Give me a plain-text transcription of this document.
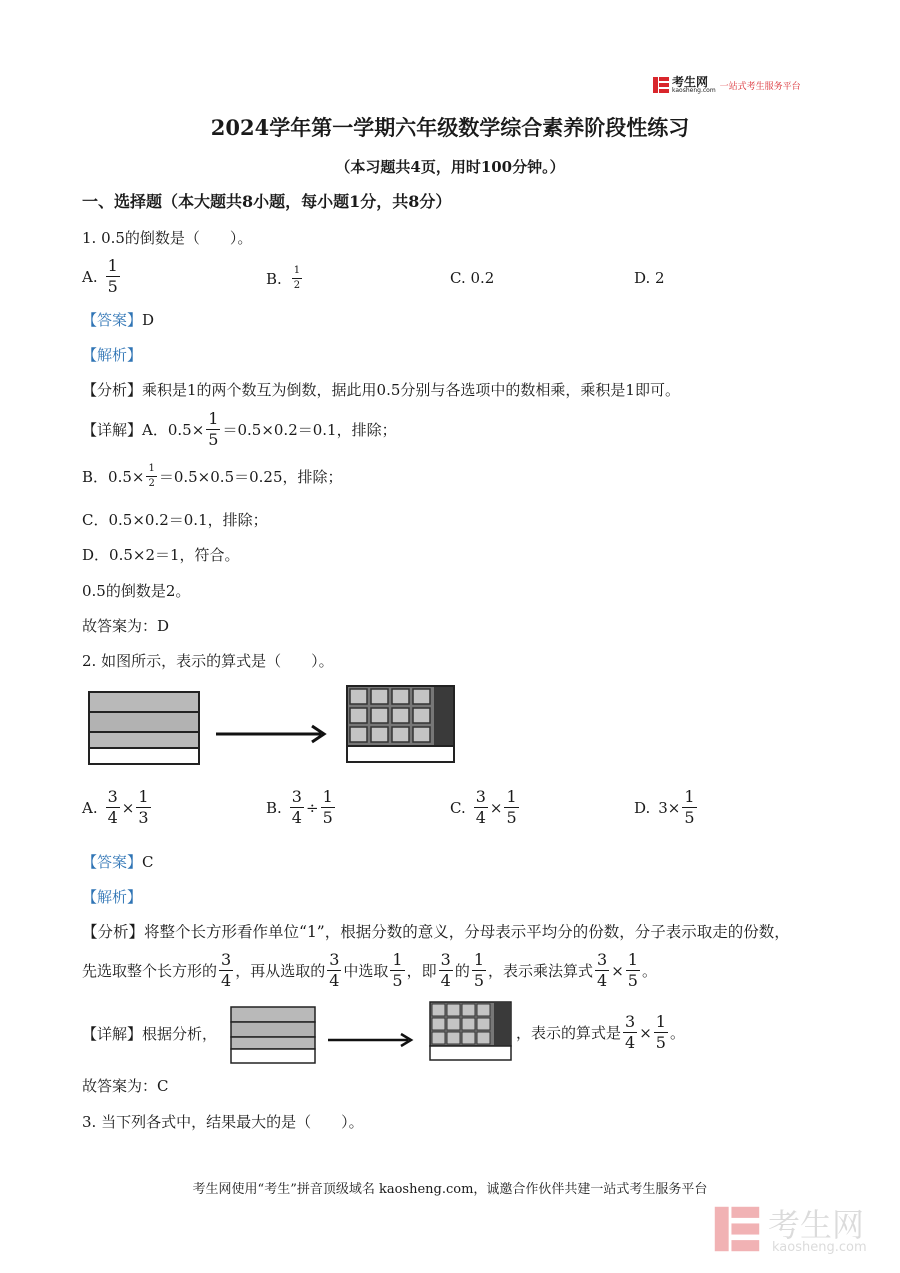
考生网
kaosheng.com 一站式考生服务平台
2024学年第一学期六年级数学综合素养阶段性练习
（本习题共4页，用时100分钟。）
一、选择题（本大题共8小题，每小题1分，共8分）
1. 0.5的倒数是（　　）。
A. $\frac{1}{5}$	B. $\frac{1}{2}$	C. 0.2	D. 2
【答案】D
【解析】
【分析】乘积是1的两个数互为倒数，据此用0.5分别与各选项中的数相乘，乘积是1即可。
【详解】 A．$0.5\times \frac{1}{5} =0.5\times 0.2=0.1$，排除；
B．$0.5\times \frac{1}{2} =0.5\times 0.5=0.25$，排除；
C．0.5×0.2＝0.1，排除；
D．0.5×2＝1，符合。
0.5的倒数是2。
故答案为：D
2. 如图所示，表示的算式是（　　）。
A. $\frac{3}{4} \times \frac{1}{3}$	B. $\frac{3}{4} \div \frac{1}{5}$	C. $\frac{3}{4} \times \frac{1}{5}$	D. $3\times \frac{1}{5}$
【答案】C
【解析】
【分析】将整个长方形看作单位“1”，根据分数的意义，分母表示平均分的份数，分子表示取走的份数，
先选取整个长方形的 $\frac{3}{4}$ ，再从选取的 $\frac{3}{4}$ 中选取 $\frac{1}{5}$ ，即 $\frac{3}{4}$ 的 $\frac{1}{5}$ ，表示乘法算式 $\frac{3}{4} \times \frac{1}{5}$ 。
【详解】根据分析，	，表示的算式是 $\frac{3}{4} \times \frac{1}{5}$ 。
故答案为：C
3. 当下列各式中，结果最大的是（　　）。
考生网使用“考生”拼音顶级域名 kaosheng.com，诚邀合作伙伴共建一站式考生服务平台
考生网
kaosheng.com
